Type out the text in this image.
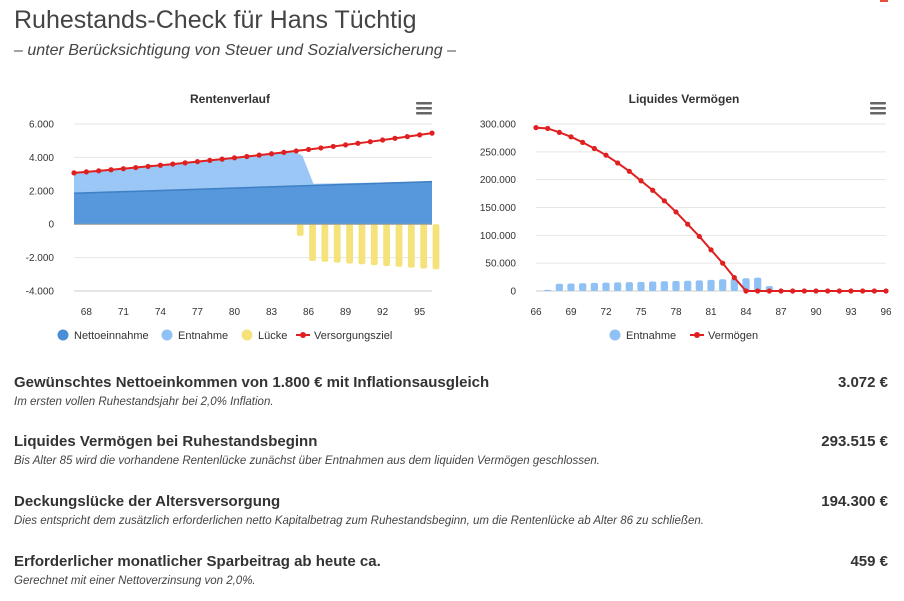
Ruhestands-Check für Hans Tüchtig

– unter Berücksichtigung von Steuer und Sozialversicherung –

Rentenverlauf
6.000
4.000
2.000
0
-2.000
-4.000
68	71	74	77	80	83	86	89	92	95
Nettoeinnahme	Entnahme	Lücke Versorgungsziel
Liquides Vermögen
300.000
250.000
200.000
150.000
100.000
50.000
0
66 69 72 75 78 81 84 87 90 93 96
Entnahme	Vermögen
Gewünschtes Nettoeinkommen von 1.800 € mit Inflationsausgleich	3.072 €
Im ersten vollen Ruhestandsjahr bei 2,0% Inflation.
Liquides Vermögen bei Ruhestandsbeginn	293.515 €
Bis Alter 85 wird die vorhandene Rentenlücke zunächst über Entnahmen aus dem liquiden Vermögen geschlossen.
Deckungslücke der Altersversorgung	194.300 €
Dies entspricht dem zusätzlich erforderlichen netto Kapitalbetrag zum Ruhestandsbeginn, um die Rentenlücke ab Alter 86 zu schließen.
Erforderlicher monatlicher Sparbeitrag ab heute ca.	459 €
Gerechnet mit einer Nettoverzinsung von 2,0%.
